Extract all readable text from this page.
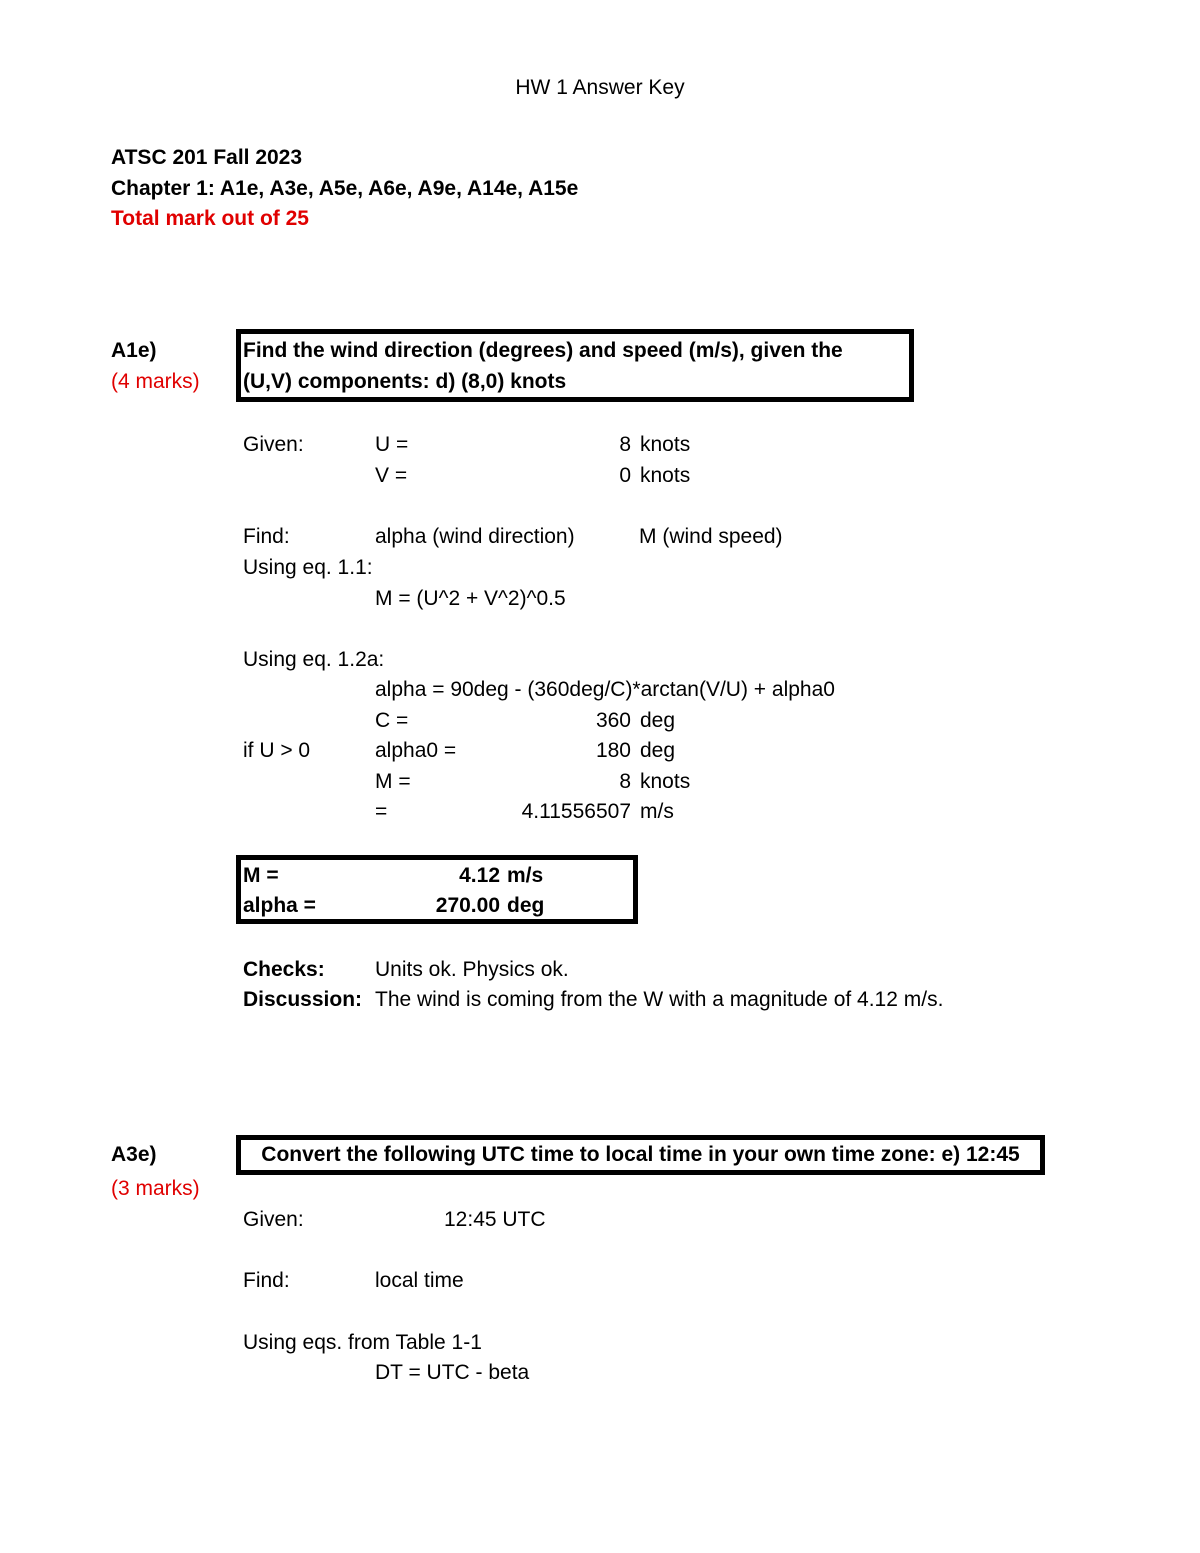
HW 1 Answer Key
ATSC 201 Fall 2023
Chapter 1: A1e, A3e, A5e, A6e, A9e, A14e, A15e
Total mark out of 25
A1e)
(4 marks)
Find the wind direction (degrees) and speed (m/s), given the
(U,V) components: d) (8,0) knots
Given:	U =	8 knots
V =	0 knots
Find:	alpha (wind direction)	M (wind speed)
Using eq. 1.1:
M = (U^2 + V^2)^0.5
Using eq. 1.2a:
alpha = 90deg - (360deg/C)*arctan(V/U) + alpha0
C =	360 deg
if U > 0	alpha0 =	180 deg
M =	8 knots
=	4.11556507 m/s
M =	4.12 m/s
alpha =	270.00 deg
Checks: Units ok. Physics ok.
Discussion: The wind is coming from the W with a magnitude of 4.12 m/s.
A3e)
(3 marks)
Convert the following UTC time to local time in your own time zone: e) 12:45
Given:	12:45 UTC
Find:	local time
Using eqs. from Table 1-1
DT = UTC - beta
